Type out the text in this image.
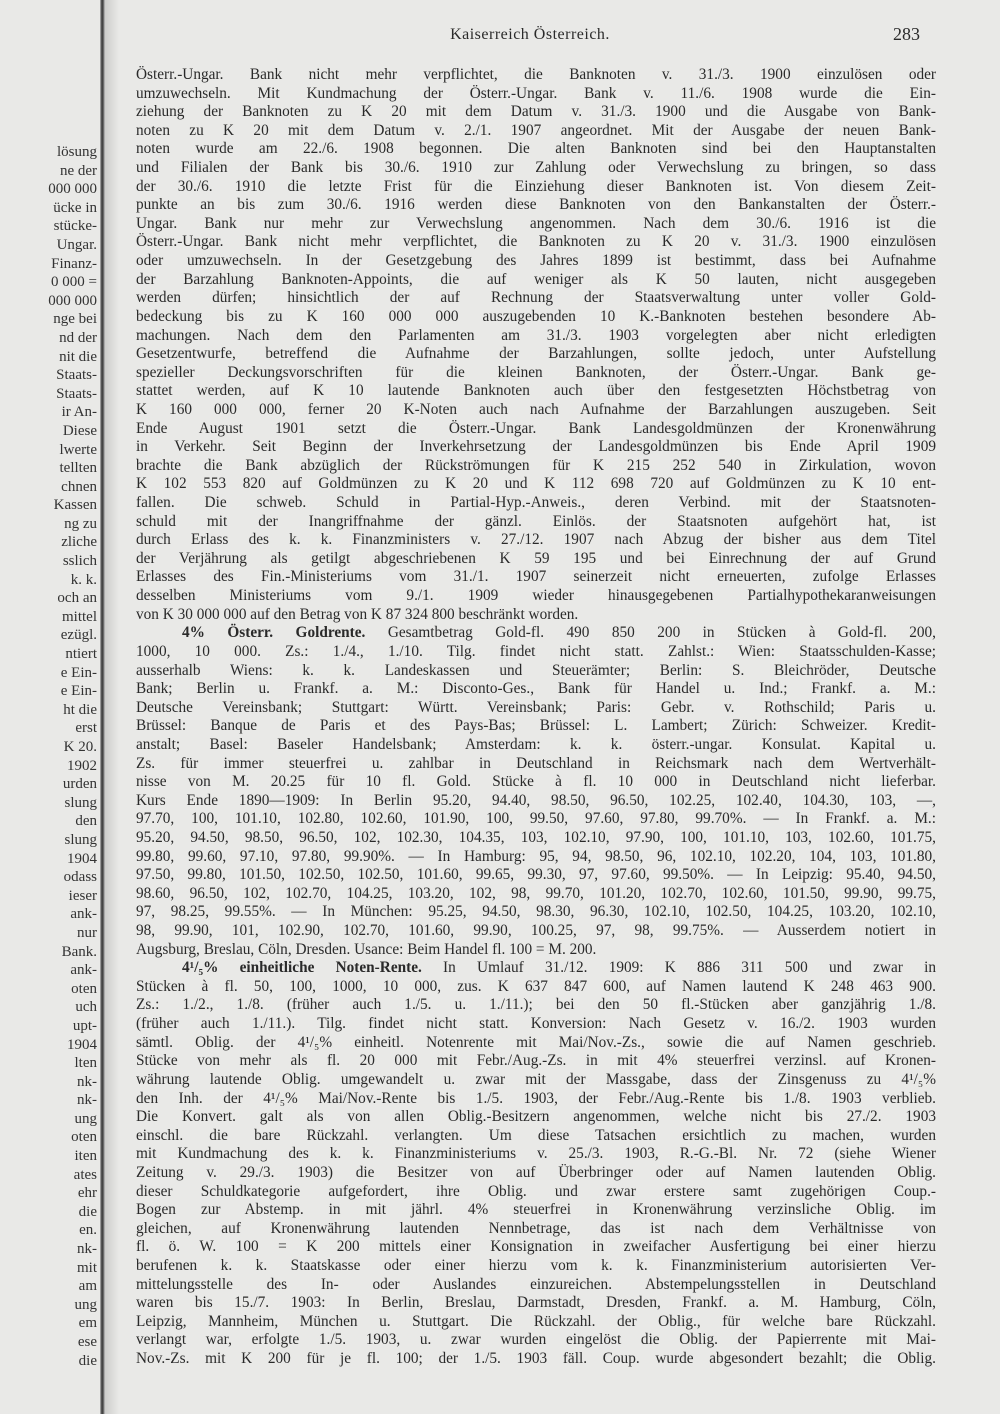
Kaiserreich Österreich.	283
lösung
ne der
000 000
ücke in
stücke-
Ungar.
Finanz-
0 000 =
000 000
nge bei
nd der
nit die
Staats-
Staats-
ir An-
Diese
lwerte
tellten
chnen
Kassen
ng zu
zliche
sslich
k. k.
och an
mittel
ezügl.
ntiert
e Ein-
e Ein-
ht die
erst
K 20.
1902
urden
slung
den
slung
1904
odass
ieser
ank-
nur
Bank.
ank-
oten
uch
upt-
1904
lten
nk-
nk-
ung
oten
iten
ates
ehr
die
en.
nk-
mit
am
ung
em
ese
die
Österr.-Ungar. Bank nicht mehr verpflichtet, die Banknoten v. 31./3. 1900 einzulösen oder
umzuwechseln. Mit Kundmachung der Österr.-Ungar. Bank v. 11./6. 1908 wurde die Ein-
ziehung der Banknoten zu K 20 mit dem Datum v. 31./3. 1900 und die Ausgabe von Bank-
noten zu K 20 mit dem Datum v. 2./1. 1907 angeordnet. Mit der Ausgabe der neuen Bank-
noten wurde am 22./6. 1908 begonnen. Die alten Banknoten sind bei den Hauptanstalten
und Filialen der Bank bis 30./6. 1910 zur Zahlung oder Verwechslung zu bringen, so dass
der 30./6. 1910 die letzte Frist für die Einziehung dieser Banknoten ist. Von diesem Zeit-
punkte an bis zum 30./6. 1916 werden diese Banknoten von den Bankanstalten der Österr.-
Ungar. Bank nur mehr zur Verwechslung angenommen. Nach dem 30./6. 1916 ist die
Österr.-Ungar. Bank nicht mehr verpflichtet, die Banknoten zu K 20 v. 31./3. 1900 einzulösen
oder umzuwechseln. In der Gesetzgebung des Jahres 1899 ist bestimmt, dass bei Aufnahme
der Barzahlung Banknoten-Appoints, die auf weniger als K 50 lauten, nicht ausgegeben
werden dürfen; hinsichtlich der auf Rechnung der Staatsverwaltung unter voller Gold-
bedeckung bis zu K 160 000 000 auszugebenden 10 K.-Banknoten bestehen besondere Ab-
machungen. Nach dem den Parlamenten am 31./3. 1903 vorgelegten aber nicht erledigten
Gesetzentwurfe, betreffend die Aufnahme der Barzahlungen, sollte jedoch, unter Aufstellung
spezieller Deckungsvorschriften für die kleinen Banknoten, der Österr.-Ungar. Bank ge-
stattet werden, auf K 10 lautende Banknoten auch über den festgesetzten Höchstbetrag von
K 160 000 000, ferner 20 K-Noten auch nach Aufnahme der Barzahlungen auszugeben. Seit
Ende August 1901 setzt die Österr.-Ungar. Bank Landesgoldmünzen der Kronenwährung
in Verkehr. Seit Beginn der Inverkehrsetzung der Landesgoldmünzen bis Ende April 1909
brachte die Bank abzüglich der Rückströmungen für K 215 252 540 in Zirkulation, wovon
K 102 553 820 auf Goldmünzen zu K 20 und K 112 698 720 auf Goldmünzen zu K 10 ent-
fallen. Die schweb. Schuld in Partial-Hyp.-Anweis., deren Verbind. mit der Staatsnoten-
schuld mit der Inangriffnahme der gänzl. Einlös. der Staatsnoten aufgehört hat, ist
durch Erlass des k. k. Finanzministers v. 27./12. 1907 nach Abzug der bisher aus dem Titel
der Verjährung als getilgt abgeschriebenen K 59 195 und bei Einrechnung der auf Grund
Erlasses des Fin.-Ministeriums vom 31./1. 1907 seinerzeit nicht erneuerten, zufolge Erlasses
desselben Ministeriums vom 9./1. 1909 wieder hinausgegebenen Partialhypothekaranweisungen
von K 30 000 000 auf den Betrag von K 87 324 800 beschränkt worden.
4% Österr. Goldrente. Gesamtbetrag Gold-fl. 490 850 200 in Stücken à Gold-fl. 200,
1000, 10 000. Zs.: 1./4., 1./10. Tilg. findet nicht statt. Zahlst.: Wien: Staatsschulden-Kasse;
ausserhalb Wiens: k. k. Landeskassen und Steuerämter; Berlin: S. Bleichröder, Deutsche
Bank; Berlin u. Frankf. a. M.: Disconto-Ges., Bank für Handel u. Ind.; Frankf. a. M.:
Deutsche Vereinsbank; Stuttgart: Württ. Vereinsbank; Paris: Gebr. v. Rothschild; Paris u.
Brüssel: Banque de Paris et des Pays-Bas; Brüssel: L. Lambert; Zürich: Schweizer. Kredit-
anstalt; Basel: Baseler Handelsbank; Amsterdam: k. k. österr.-ungar. Konsulat. Kapital u.
Zs. für immer steuerfrei u. zahlbar in Deutschland in Reichsmark nach dem Wertverhält-
nisse von M. 20.25 für 10 fl. Gold. Stücke à fl. 10 000 in Deutschland nicht lieferbar.
Kurs Ende 1890—1909: In Berlin 95.20, 94.40, 98.50, 96.50, 102.25, 102.40, 104.30, 103, —,
97.70, 100, 101.10, 102.80, 102.60, 101.90, 100, 99.50, 97.60, 97.80, 99.70%. — In Frankf. a. M.:
95.20, 94.50, 98.50, 96.50, 102, 102.30, 104.35, 103, 102.10, 97.90, 100, 101.10, 103, 102.60, 101.75,
99.80, 99.60, 97.10, 97.80, 99.90%. — In Hamburg: 95, 94, 98.50, 96, 102.10, 102.20, 104, 103, 101.80,
97.50, 99.80, 101.50, 102.50, 102.50, 101.60, 99.65, 99.30, 97, 97.60, 99.50%. — In Leipzig: 95.40, 94.50,
98.60, 96.50, 102, 102.70, 104.25, 103.20, 102, 98, 99.70, 101.20, 102.70, 102.60, 101.50, 99.90, 99.75,
97, 98.25, 99.55%. — In München: 95.25, 94.50, 98.30, 96.30, 102.10, 102.50, 104.25, 103.20, 102.10,
98, 99.90, 101, 102.90, 102.70, 101.60, 99.90, 100.25, 97, 98, 99.75%. — Ausserdem notiert in
Augsburg, Breslau, Cöln, Dresden. Usance: Beim Handel fl. 100 = M. 200.
4¹/₅% einheitliche Noten-Rente. In Umlauf 31./12. 1909: K 886 311 500 und zwar in
Stücken à fl. 50, 100, 1000, 10 000, zus. K 637 847 600, auf Namen lautend K 248 463 900.
Zs.: 1./2., 1./8. (früher auch 1./5. u. 1./11.); bei den 50 fl.-Stücken aber ganzjährig 1./8.
(früher auch 1./11.). Tilg. findet nicht statt. Konversion: Nach Gesetz v. 16./2. 1903 wurden
sämtl. Oblig. der 4¹/₅% einheitl. Notenrente mit Mai/Nov.-Zs., sowie die auf Namen geschrieb.
Stücke von mehr als fl. 20 000 mit Febr./Aug.-Zs. in mit 4% steuerfrei verzinsl. auf Kronen-
währung lautende Oblig. umgewandelt u. zwar mit der Massgabe, dass der Zinsgenuss zu 4¹/₅%
den Inh. der 4¹/₅% Mai/Nov.-Rente bis 1./5. 1903, der Febr./Aug.-Rente bis 1./8. 1903 verblieb.
Die Konvert. galt als von allen Oblig.-Besitzern angenommen, welche nicht bis 27./2. 1903
einschl. die bare Rückzahl. verlangten. Um diese Tatsachen ersichtlich zu machen, wurden
mit Kundmachung des k. k. Finanzministeriums v. 25./3. 1903, R.-G.-Bl. Nr. 72 (siehe Wiener
Zeitung v. 29./3. 1903) die Besitzer von auf Überbringer oder auf Namen lautenden Oblig.
dieser Schuldkategorie aufgefordert, ihre Oblig. und zwar erstere samt zugehörigen Coup.-
Bogen zur Abstemp. in mit jährl. 4% steuerfrei in Kronenwährung verzinsliche Oblig. im
gleichen, auf Kronenwährung lautenden Nennbetrage, das ist nach dem Verhältnisse von
fl. ö. W. 100 = K 200 mittels einer Konsignation in zweifacher Ausfertigung bei einer hierzu
berufenen k. k. Staatskasse oder einer hierzu vom k. k. Finanzministerium autorisierten Ver-
mittelungsstelle des In- oder Auslandes einzureichen. Abstempelungsstellen in Deutschland
waren bis 15./7. 1903: In Berlin, Breslau, Darmstadt, Dresden, Frankf. a. M. Hamburg, Cöln,
Leipzig, Mannheim, München u. Stuttgart. Die Rückzahl. der Oblig., für welche bare Rückzahl.
verlangt war, erfolgte 1./5. 1903, u. zwar wurden eingelöst die Oblig. der Papierrente mit Mai-
Nov.-Zs. mit K 200 für je fl. 100; der 1./5. 1903 fäll. Coup. wurde abgesondert bezahlt; die Oblig.
